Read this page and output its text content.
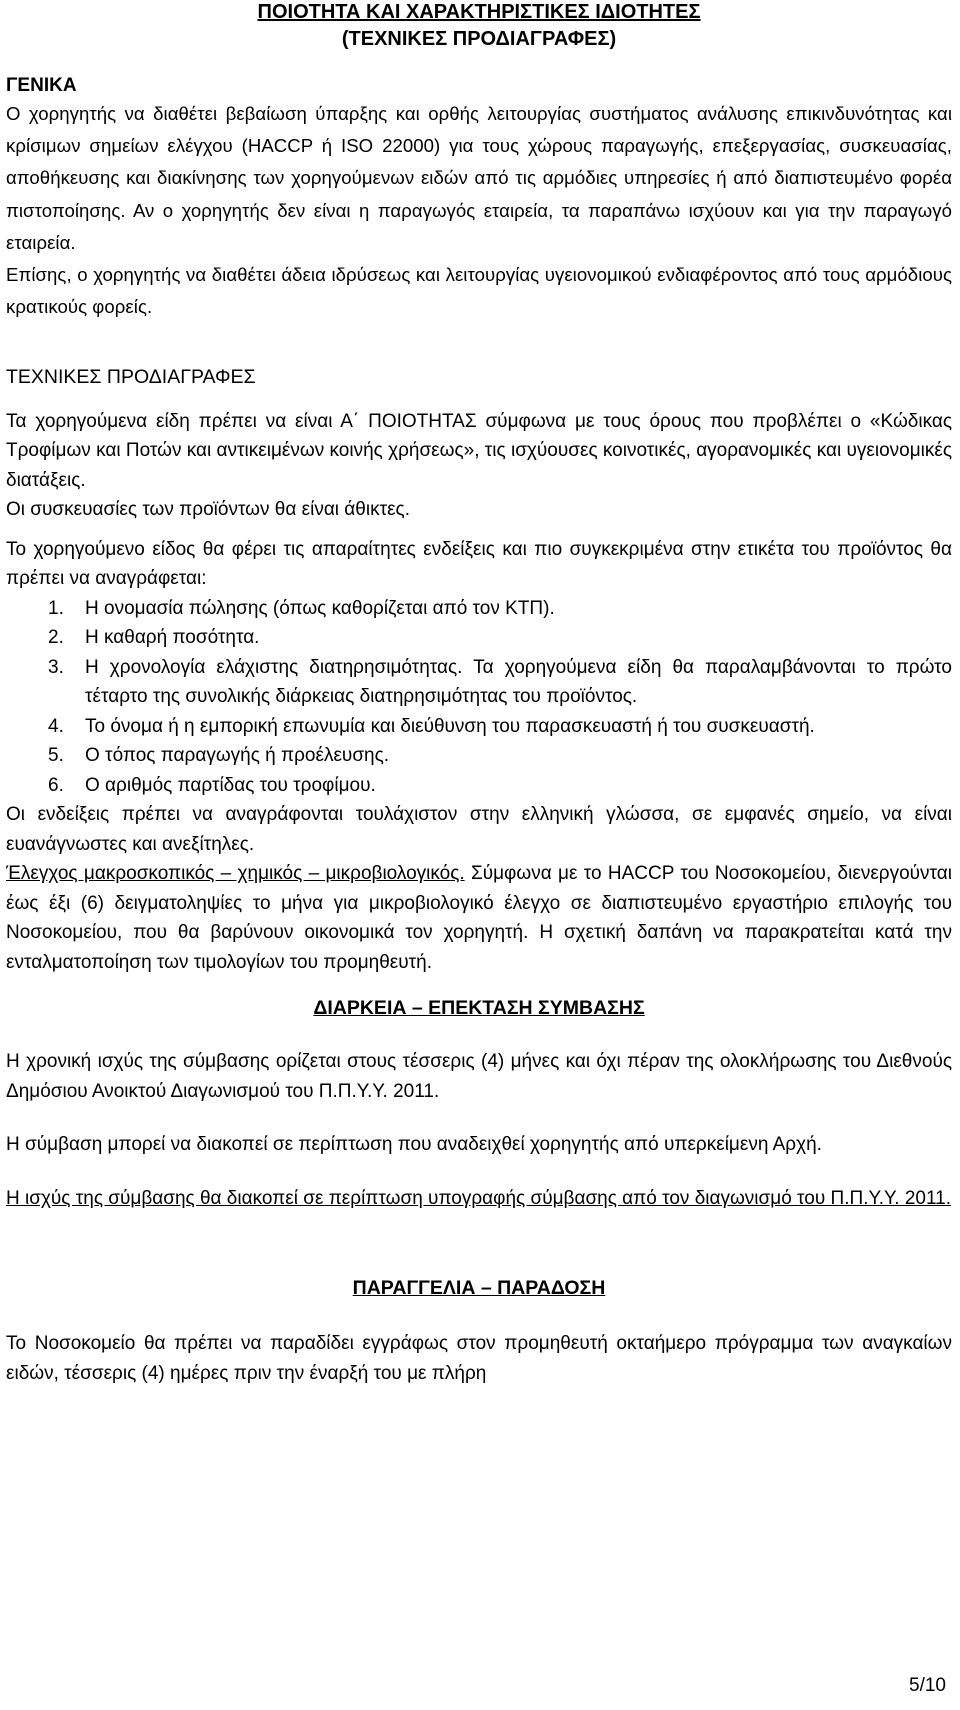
ΠΟΙΟΤΗΤΑ ΚΑΙ ΧΑΡΑΚΤΗΡΙΣΤΙΚΕΣ ΙΔΙΟΤΗΤΕΣ
(ΤΕΧΝΙΚΕΣ ΠΡΟΔΙΑΓΡΑΦΕΣ)
ΓΕΝΙΚΑ

Ο χορηγητής να διαθέτει βεβαίωση ύπαρξης και ορθής λειτουργίας συστήματος ανάλυσης επικινδυνότητας και κρίσιμων σημείων ελέγχου (HACCP ή ISO 22000) για τους χώρους παραγωγής, επεξεργασίας, συσκευασίας, αποθήκευσης και διακίνησης των χορηγούμενων ειδών από τις αρμόδιες υπηρεσίες ή από διαπιστευμένο φορέα πιστοποίησης. Αν ο χορηγητής δεν είναι η παραγωγός εταιρεία, τα παραπάνω ισχύουν και για την παραγωγό εταιρεία.

Επίσης, ο χορηγητής να διαθέτει άδεια ιδρύσεως και λειτουργίας υγειονομικού ενδιαφέροντος από τους αρμόδιους κρατικούς φορείς.

ΤΕΧΝΙΚΕΣ ΠΡΟΔΙΑΓΡΑΦΕΣ

Τα χορηγούμενα είδη πρέπει να είναι Α΄ ΠΟΙΟΤΗΤΑΣ σύμφωνα με τους όρους που προβλέπει ο «Κώδικας Τροφίμων και Ποτών και αντικειμένων κοινής χρήσεως», τις ισχύουσες κοινοτικές, αγορανομικές και υγειονομικές διατάξεις.

Οι συσκευασίες των προϊόντων θα είναι άθικτες.

Το χορηγούμενο είδος θα φέρει τις απαραίτητες ενδείξεις και πιο συγκεκριμένα στην ετικέτα του προϊόντος θα πρέπει να αναγράφεται:

1. Η ονομασία πώλησης (όπως καθορίζεται από τον ΚΤΠ).
2. Η καθαρή ποσότητα.
3. Η χρονολογία ελάχιστης διατηρησιμότητας. Τα χορηγούμενα είδη θα παραλαμβάνονται το πρώτο τέταρτο της συνολικής διάρκειας διατηρησιμότητας του προϊόντος.
4. Το όνομα ή η εμπορική επωνυμία και διεύθυνση του παρασκευαστή ή του συσκευαστή.
5. Ο τόπος παραγωγής ή προέλευσης.
6. Ο αριθμός παρτίδας του τροφίμου.

Οι ενδείξεις πρέπει να αναγράφονται τουλάχιστον στην ελληνική γλώσσα, σε εμφανές σημείο, να είναι ευανάγνωστες και ανεξίτηλες.

Έλεγχος μακροσκοπικός – χημικός – μικροβιολογικός. Σύμφωνα με το HACCP του Νοσοκομείου, διενεργούνται έως έξι (6) δειγματοληψίες το μήνα για μικροβιολογικό έλεγχο σε διαπιστευμένο εργαστήριο επιλογής του Νοσοκομείου, που θα βαρύνουν οικονομικά τον χορηγητή. Η σχετική δαπάνη να παρακρατείται κατά την ενταλματοποίηση των τιμολογίων του προμηθευτή.

ΔΙΑΡΚΕΙΑ – ΕΠΕΚΤΑΣΗ ΣΥΜΒΑΣΗΣ

Η χρονική ισχύς της σύμβασης ορίζεται στους τέσσερις (4) μήνες και όχι πέραν της ολοκλήρωσης του Διεθνούς Δημόσιου Ανοικτού Διαγωνισμού του Π.Π.Υ.Υ. 2011.

Η σύμβαση μπορεί να διακοπεί σε περίπτωση που αναδειχθεί χορηγητής από υπερκείμενη Αρχή.

Η ισχύς της σύμβασης θα διακοπεί σε περίπτωση υπογραφής σύμβασης από τον διαγωνισμό του Π.Π.Υ.Υ. 2011.

ΠΑΡΑΓΓΕΛΙΑ – ΠΑΡΑΔΟΣΗ

Το Νοσοκομείο θα πρέπει να παραδίδει εγγράφως στον προμηθευτή οκταήμερο πρόγραμμα των αναγκαίων ειδών, τέσσερις (4) ημέρες πριν την έναρξή του με πλήρη

5/10
